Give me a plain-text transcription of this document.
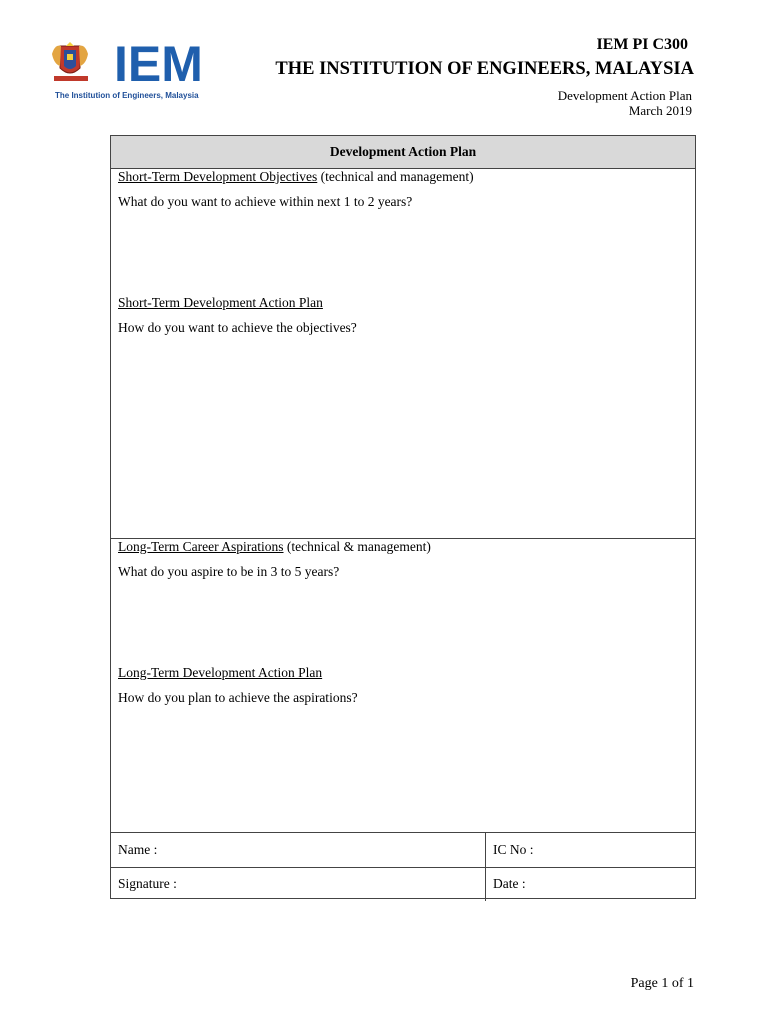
IEM
The Institution of Engineers, Malaysia
IEM PI C300
THE INSTITUTION OF ENGINEERS, MALAYSIA
Development Action Plan
March 2019
Development Action Plan
Short-Term Development Objectives (technical and management)
What do you want to achieve within next 1 to 2 years?
Short-Term Development Action Plan
How do you want to achieve the objectives?
Long-Term Career Aspirations (technical & management)
What do you aspire to be in 3 to 5 years?
Long-Term Development Action Plan
How do you plan to achieve the aspirations?
Name :	IC No :
Signature :	Date :
Page 1 of 1
